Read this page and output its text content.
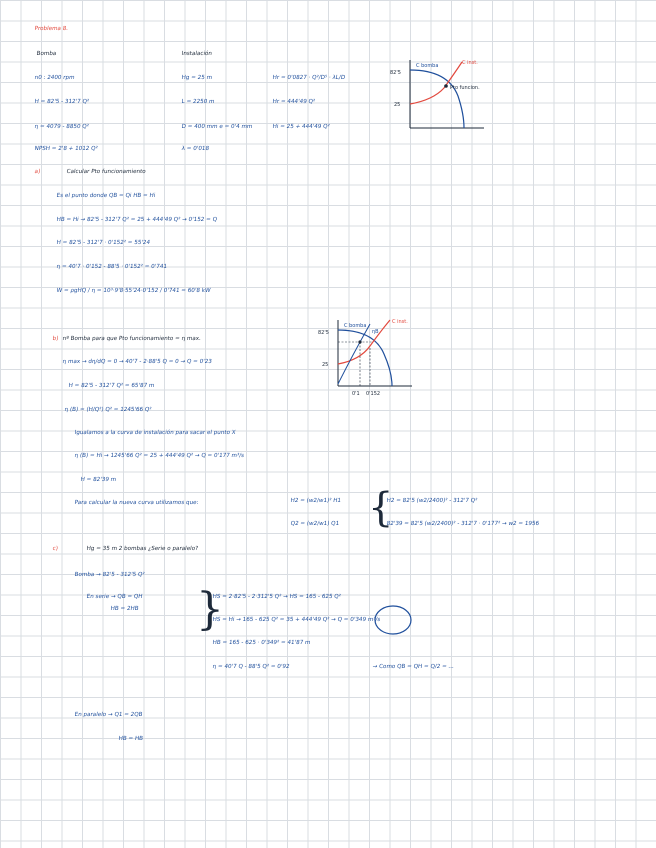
Problema 8.
Bomba
n0 : 2400 rpm
H = 82'5 - 312'7 Q²
η = 4079 - 8850 Q²
NPSH = 2'8 + 1012 Q²
Instalación
Hg = 25 m
L = 2250 m
D = 400 mm e = 0'4 mm
λ = 0'018
Hr = 0'0827 · Q²/D⁵ · λL/D
Hr = 444'49 Q²
Hi = 25 + 444'49 Q²
82'5
25
C bomba	C inst.
Pto funcion.
a)	Calcular Pto funcionamiento
Es el punto donde QB = Qi HB = Hi
HB = Hi → 82'5 - 312'7 Q² = 25 + 444'49 Q² → 0'152 = Q
H = 82'5 - 312'7 · 0'152² = 55'24
η = 40'7 · 0'152 - 88'5 · 0'152² = 0'741
W = ρgHQ / η = 10³·9'8·55'24·0'152 / 0'741 = 60'8 kW
82'5
25
0'1 0'152
C bomba
C inst.
ηB
b) nº Bomba para que Pto funcionamiento = η max.
η max → dη/dQ = 0 → 40'7 - 2·88'5 Q = 0 → Q = 0'23
H = 82'5 - 312'7 Q² = 65'87 m
η (B) = (H/Q²) Q² = 1245'66 Q²
Igualamos a la curva de instalación para sacar el punto X
η (B) = Hi → 1245'66 Q² = 25 + 444'49 Q² → Q = 0'177 m³/s
H = 82'39 m
Para calcular la nueva curva utilizamos que:	H2 = (w2/w1)² H1
Q2 = (w2/w1) Q1 {
H2 = 82'5 (w2/2400)² - 312'7 Q²
82'39 = 82'5 (w2/2400)² - 312'7 · 0'177² → w2 = 1956
c)	Hg = 35 m 2 bombas ¿Serie o paralelo?
Bomba → 82'5 - 312'5 Q²
En serie → QB = QH
HB = 2HB }
HS = 2·82'5 - 2·312'5 Q² → HS = 165 - 625 Q²
HS = Hi → 165 - 625 Q² = 35 + 444'49 Q² → Q = 0'349 m³/s
HB = 165 - 625 · 0'349² = 41'87 m
η = 40'7 Q - 88'5 Q² = 0'92	→ Como QB = QH = Q/2 = ...
En paralelo → Q1 = 2QB
HB = HB
